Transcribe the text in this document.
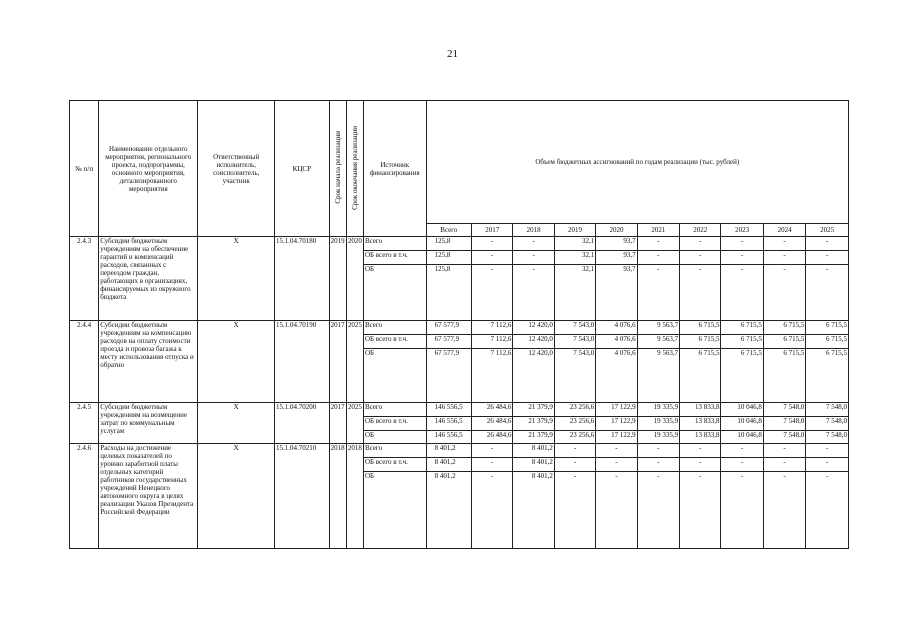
21
№ п/п	Наименование отдельного мероприятия, регионального проекта, подпрограммы, основного мероприятия, детализированного мероприятия	Ответственный исполнитель, соисполнитель, участник	КЦСР	Срок начала реализации	Срок окончания реализации	Источник финансирования	Объем бюджетных ассигнований по годам реализации (тыс. рублей)									
							Всего	2017	2018	2019	2020	2021	2022	2023	2024	2025
2.4.3	Субсидии бюджетным учреждениям на обеспечение гарантий и компенсаций расходов, связанных с переездом граждан, работающих в организациях, финансируемых из окружного бюджета	X	15.1.04.70180	2019	2020	Всего	125,8	-	-	32,1	93,7	-	-	-	-	-
						ОБ всего в т.ч.	125,8	-	-	32,1	93,7	-	-	-	-	-
						ОБ	125,8	-	-	32,1	93,7	-	-	-	-	-
2.4.4	Субсидии бюджетным учреждениям на компенсацию расходов на оплату стоимости проезда и провоза багажа к месту использования отпуска и обратно	X	15.1.04.70190	2017	2025	Всего	67 577,9	7 112,6	12 420,0	7 543,0	4 076,6	9 563,7	6 715,5	6 715,5	6 715,5	6 715,5
						ОБ всего в т.ч.	67 577,9	7 112,6	12 420,0	7 543,0	4 076,6	9 563,7	6 715,5	6 715,5	6 715,5	6 715,5
						ОБ	67 577,9	7 112,6	12 420,0	7 543,0	4 076,6	9 563,7	6 715,5	6 715,5	6 715,5	6 715,5
2.4.5	Субсидии бюджетным учреждениям на возмещение затрат по коммунальным услугам	X	15.1.04.70200	2017	2025	Всего	146 556,5	26 484,6	21 379,9	23 256,6	17 122,9	19 335,9	13 833,8	10 046,8	7 548,0	7 548,0
						ОБ всего в т.ч.	146 556,5	26 484,6	21 379,9	23 256,6	17 122,9	19 335,9	13 833,8	10 046,8	7 548,0	7 548,0
						ОБ	146 556,5	26 484,6	21 379,9	23 256,6	17 122,9	19 335,9	13 833,8	10 046,8	7 548,0	7 548,0
2.4.6	Расходы на достижение целевых показателей по уровню заработной платы отдельных категорий работников государственных учреждений Ненецкого автономного округа в целях реализации Указов Президента Российской Федерации	X	15.1.04.70210	2018	2018	Всего	8 401,2	-	8 401,2	-	-	-	-	-	-	-
						ОБ всего в т.ч.	8 401,2	-	8 401,2	-	-	-	-	-	-	-
						ОБ	8 401,2	-	8 401,2	-	-	-	-	-	-	-
